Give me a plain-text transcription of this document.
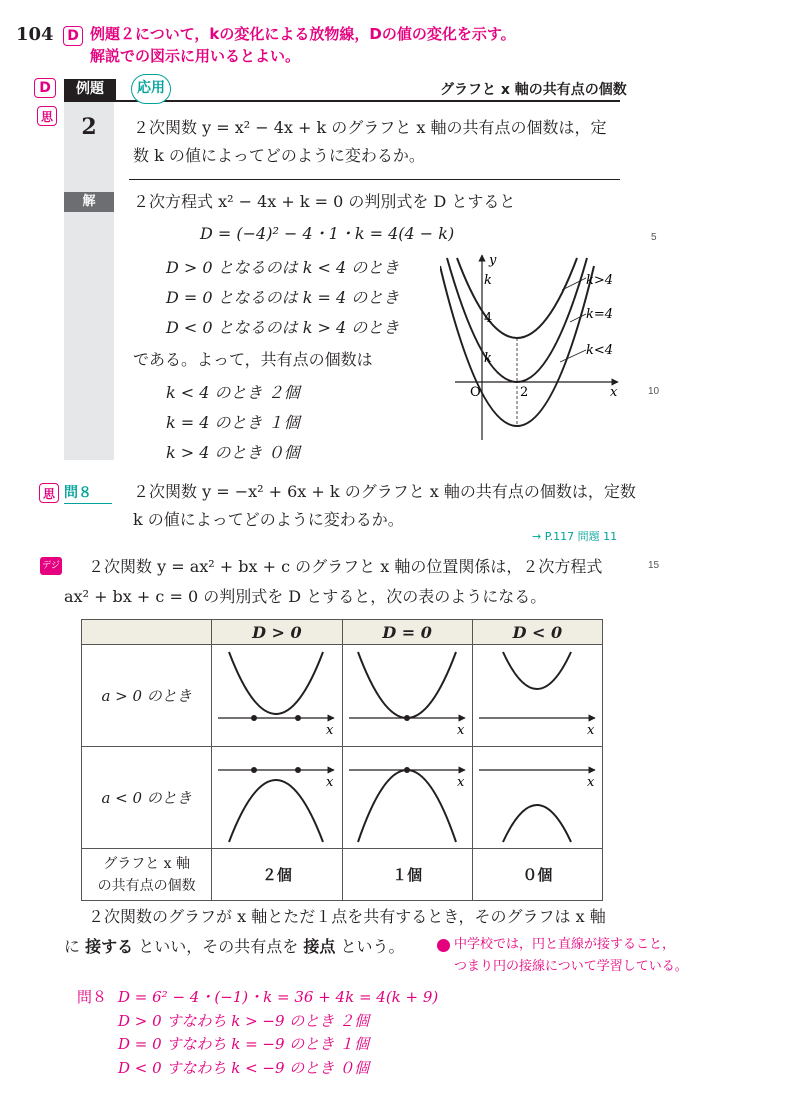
104 D 例題２について，kの変化による放物線，Dの値の変化を示す。
解説での図示に用いるとよい。
D
思
例題	応用	グラフと x 軸の共有点の個数
2
解
２次関数 y = x² − 4x + k のグラフと x 軸の共有点の個数は，定
数 k の値によってどのように変わるか。
２次方程式 x² − 4x + k = 0 の判別式を D とすると
D = (−4)² − 4・1・k = 4(4 − k)
D > 0 となるのは k < 4 のとき
D = 0 となるのは k = 4 のとき
D < 0 となるのは k > 4 のとき
である。よって，共有点の個数は
k < 4 のとき ２個
k = 4 のとき １個
k > 4 のとき ０個
y
k
4
k
O	2	x
k>4
k=4
k<4
5
10
15
思 問８	２次関数 y = −x² + 6x + k のグラフと x 軸の共有点の個数は，定数
k の値によってどのように変わるか。
→ P.117 問題 11
デジ ２次関数 y = ax² + bx + c のグラフと x 軸の位置関係は，２次方程式
ax² + bx + c = 0 の判別式を D とすると，次の表のようになる。
	D > 0	D = 0	D < 0
a > 0 のとき	x	x	x

a < 0 のとき	x	x	x

グラフと x 軸
の共有点の個数	２個	１個	０個
２次関数のグラフが x 軸とただ１点を共有するとき，そのグラフは x 軸
に 接する といい，その共有点を 接点 という。	中学校では，円と直線が接すること，
つまり円の接線について学習している。
問８ D = 6² − 4・(−1)・k = 36 + 4k = 4(k + 9)
D > 0 すなわち k > −9 のとき ２個
D = 0 すなわち k = −9 のとき １個
D < 0 すなわち k < −9 のとき ０個
